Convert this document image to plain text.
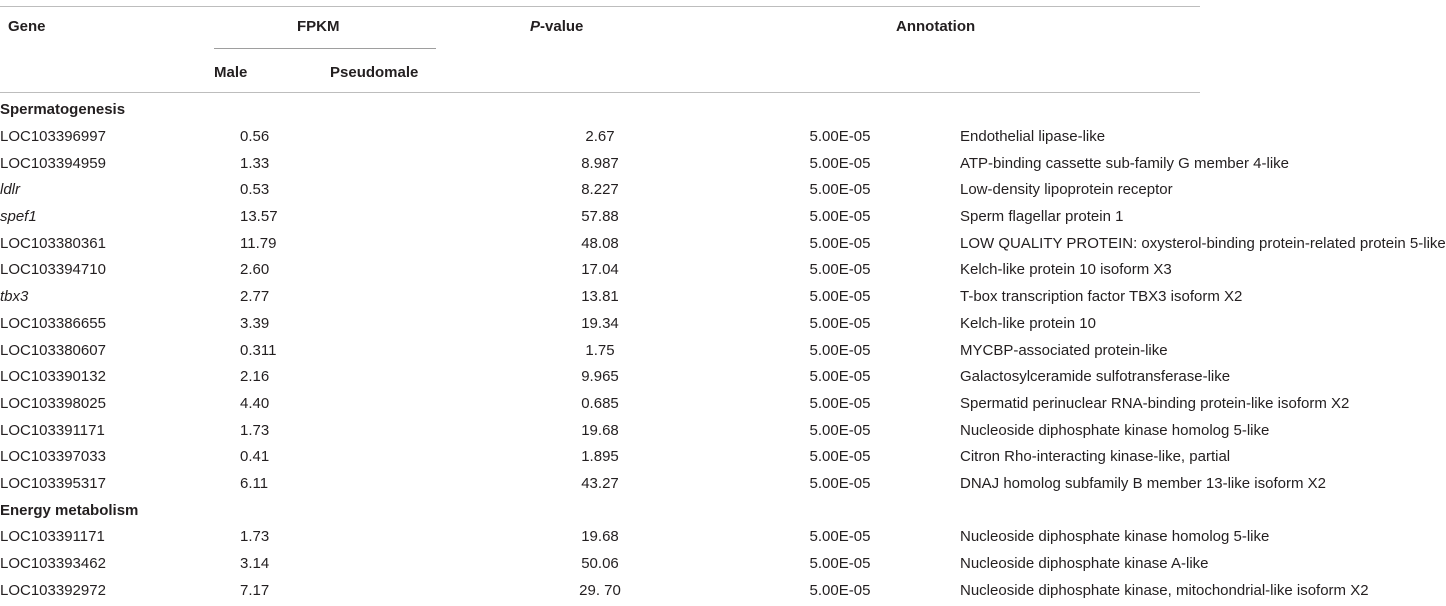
Gene	FPKM	P-value	Annotation
Male	Pseudomale
Spermatogenesis				
LOC103396997	0.56	2.67	5.00E-05	Endothelial lipase-like
LOC103394959	1.33	8.987	5.00E-05	ATP-binding cassette sub-family G member 4-like
ldlr	0.53	8.227	5.00E-05	Low-density lipoprotein receptor
spef1	13.57	57.88	5.00E-05	Sperm flagellar protein 1
LOC103380361	11.79	48.08	5.00E-05	LOW QUALITY PROTEIN: oxysterol-binding protein-related protein 5-like
LOC103394710	2.60	17.04	5.00E-05	Kelch-like protein 10 isoform X3
tbx3	2.77	13.81	5.00E-05	T-box transcription factor TBX3 isoform X2
LOC103386655	3.39	19.34	5.00E-05	Kelch-like protein 10
LOC103380607	0.311	1.75	5.00E-05	MYCBP-associated protein-like
LOC103390132	2.16	9.965	5.00E-05	Galactosylceramide sulfotransferase-like
LOC103398025	4.40	0.685	5.00E-05	Spermatid perinuclear RNA-binding protein-like isoform X2
LOC103391171	1.73	19.68	5.00E-05	Nucleoside diphosphate kinase homolog 5-like
LOC103397033	0.41	1.895	5.00E-05	Citron Rho-interacting kinase-like, partial
LOC103395317	6.11	43.27	5.00E-05	DNAJ homolog subfamily B member 13-like isoform X2
Energy metabolism				
LOC103391171	1.73	19.68	5.00E-05	Nucleoside diphosphate kinase homolog 5-like
LOC103393462	3.14	50.06	5.00E-05	Nucleoside diphosphate kinase A-like
LOC103392972	7.17	29. 70	5.00E-05	Nucleoside diphosphate kinase, mitochondrial-like isoform X2
